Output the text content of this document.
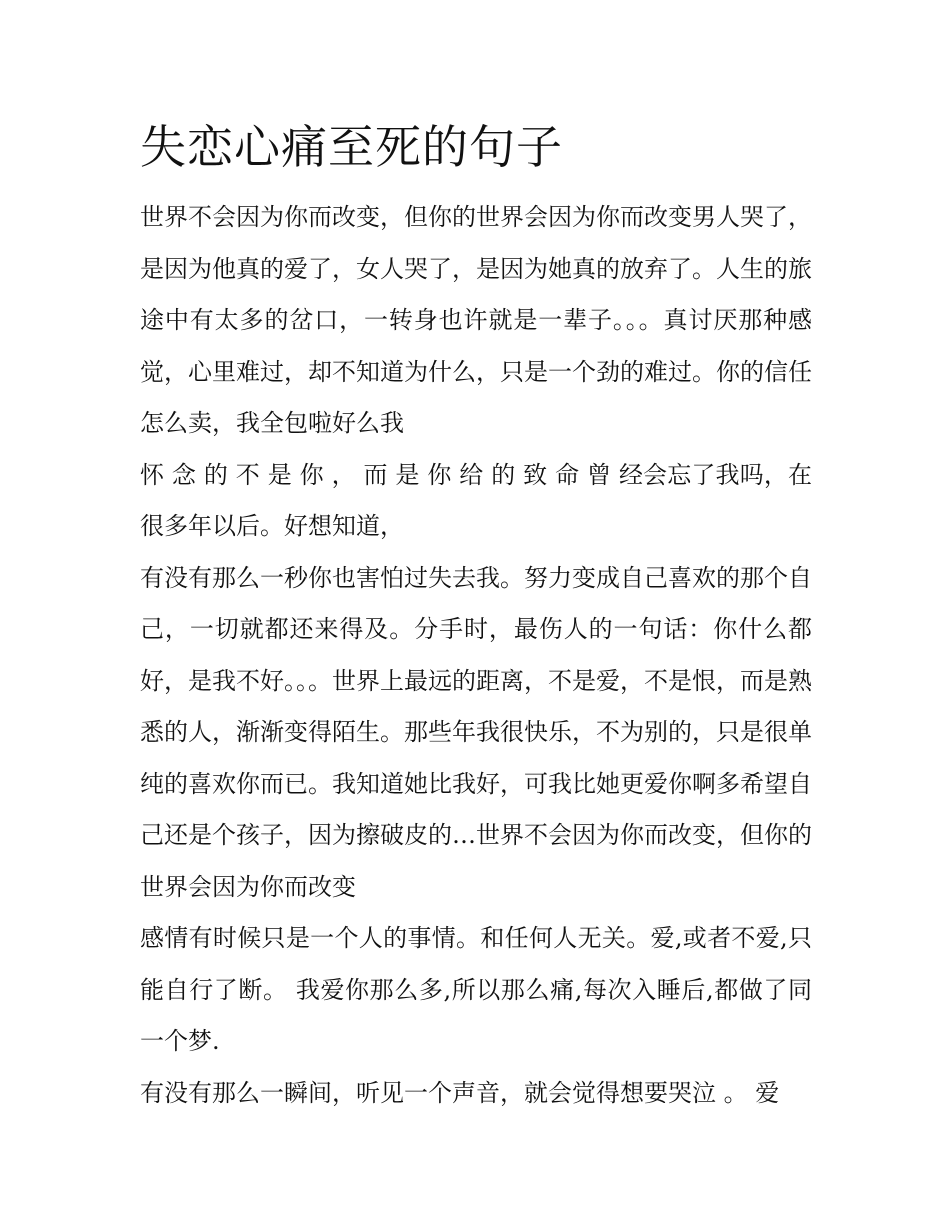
失恋心痛至死的句子

世界不会因为你而改变，但你的世界会因为你而改变男人哭了，是因为他真的爱了，女人哭了，是因为她真的放弃了。人生的旅途中有太多的岔口，一转身也许就是一辈子。。。真讨厌那种感觉，心里难过，却不知道为什么，只是一个劲的难过。你的信任怎么卖，我全包啦好么我

怀 念 的 不 是 你 ， 而 是 你 给 的 致 命 曾 经会忘了我吗，在很多年以后。好想知道，

有没有那么一秒你也害怕过失去我。努力变成自己喜欢的那个自己，一切就都还来得及。分手时，最伤人的一句话：你什么都好，是我不好。。。世界上最远的距离，不是爱，不是恨，而是熟悉的人，渐渐变得陌生。那些年我很快乐，不为别的，只是很单纯的喜欢你而已。我知道她比我好，可我比她更爱你啊多希望自己还是个孩子，因为擦破皮的…世界不会因为你而改变，但你的世界会因为你而改变

感情有时候只是一个人的事情。和任何人无关。爱,或者不爱,只能自行了断。 我爱你那么多,所以那么痛,每次入睡后,都做了同一个梦.

有没有那么一瞬间，听见一个声音，就会觉得想要哭泣 。 爱
